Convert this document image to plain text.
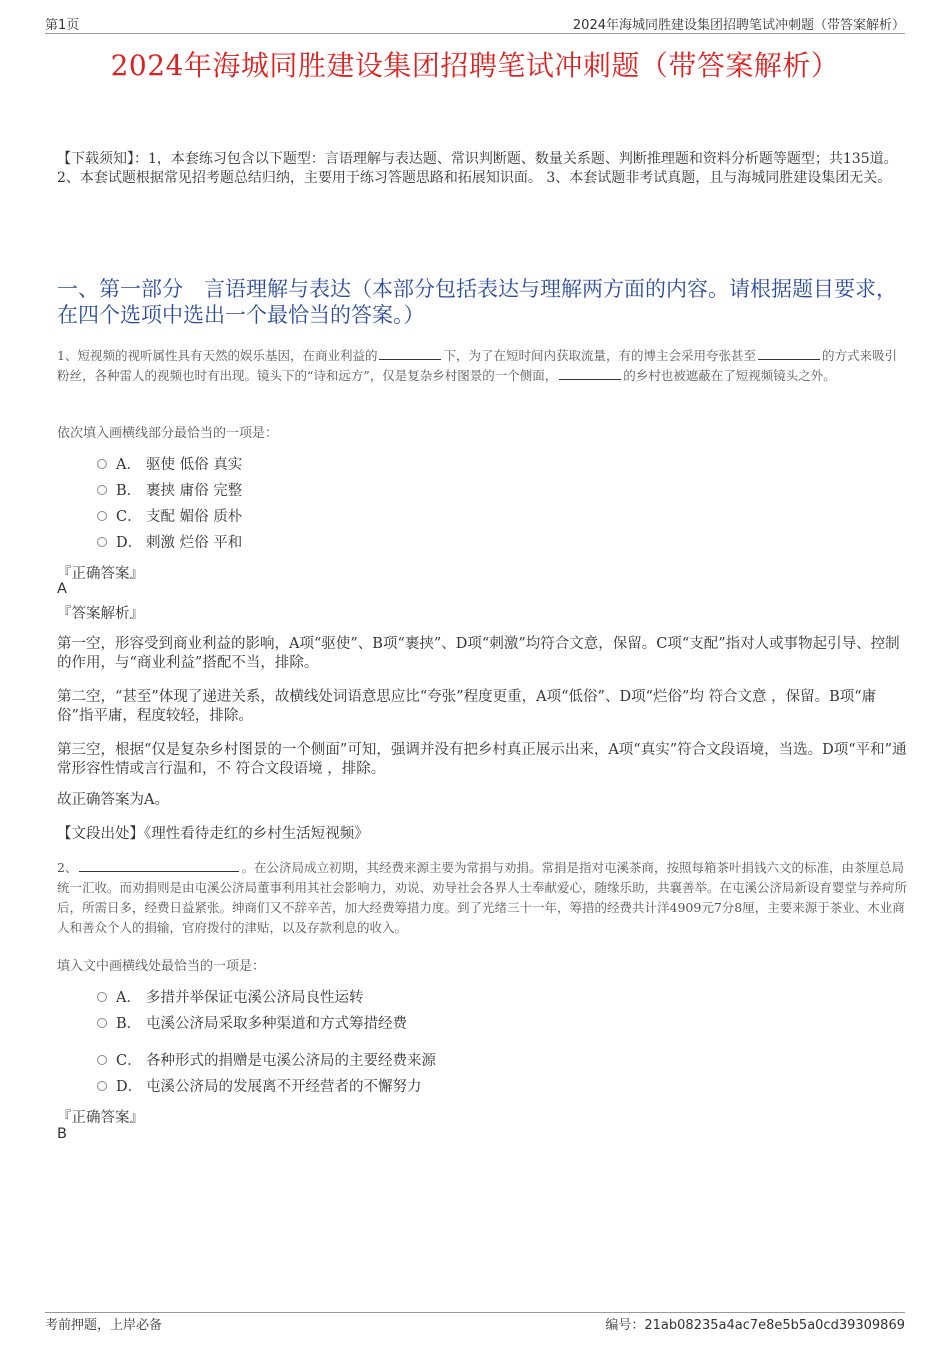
第1页	2024年海城同胜建设集团招聘笔试冲刺题（带答案解析）
2024年海城同胜建设集团招聘笔试冲刺题（带答案解析）
【下载须知】：1，本套练习包含以下题型：言语理解与表达题、常识判断题、数量关系题、判断推理题和资料分析题等题型；共135道。 2、本套试题根据常见招考题总结归纳，主要用于练习答题思路和拓展知识面。 3、本套试题非考试真题，且与海城同胜建设集团无关。
一、第一部分　言语理解与表达（本部分包括表达与理解两方面的内容。请根据题目要求，在四个选项中选出一个最恰当的答案。）
1、短视频的视听属性具有天然的娱乐基因，在商业利益的	下，为了在短时间内获取流量，有的博主会采用夸张甚至	的方式来吸引粉丝，各种雷人的视频也时有出现。镜头下的“诗和远方”，仅是复杂乡村图景的一个侧面，	的乡村也被遮蔽在了短视频镜头之外。
依次填入画横线部分最恰当的一项是：
A． 驱使 低俗 真实
B． 裹挟 庸俗 完整
C． 支配 媚俗 质朴
D． 刺激 烂俗 平和
『正确答案』
A
『答案解析』
第一空，形容受到商业利益的影响，A项“驱使”、B项“裹挟”、D项“刺激”均符合文意，保留。C项“支配”指对人或事物起引导、控制的作用，与“商业利益”搭配不当，排除。
第二空，“甚至”体现了递进关系，故横线处词语意思应比“夸张”程度更重，A项“低俗”、D项“烂俗”均 符合文意 ，保留。B项“庸俗”指平庸，程度较轻，排除。
第三空，根据“仅是复杂乡村图景的一个侧面”可知，强调并没有把乡村真正展示出来，A项“真实”符合文段语境，当选。D项“平和”通常形容性情或言行温和，不 符合文段语境 ，排除。
故正确答案为A。
【文段出处】《理性看待走红的乡村生活短视频》
2、	。在公济局成立初期，其经费来源主要为常捐与劝捐。常捐是指对屯溪茶商，按照每箱茶叶捐钱六文的标准，由茶厘总局统一汇收。而劝捐则是由屯溪公济局董事利用其社会影响力，劝说、劝导社会各界人士奉献爱心，随缘乐助，共襄善举。在屯溪公济局新设育婴堂与养疴所后，所需日多，经费日益紧张。绅商们又不辞辛苦，加大经费筹措力度。到了光绪三十一年，筹措的经费共计洋4909元7分8厘，主要来源于茶业、木业商人和善众个人的捐输，官府拨付的津贴，以及存款利息的收入。
填入文中画横线处最恰当的一项是：
A． 多措并举保证屯溪公济局良性运转
B． 屯溪公济局采取多种渠道和方式筹措经费
C． 各种形式的捐赠是屯溪公济局的主要经费来源
D． 屯溪公济局的发展离不开经营者的不懈努力
『正确答案』
B
考前押题，上岸必备	编号：21ab08235a4ac7e8e5b5a0cd39309869
